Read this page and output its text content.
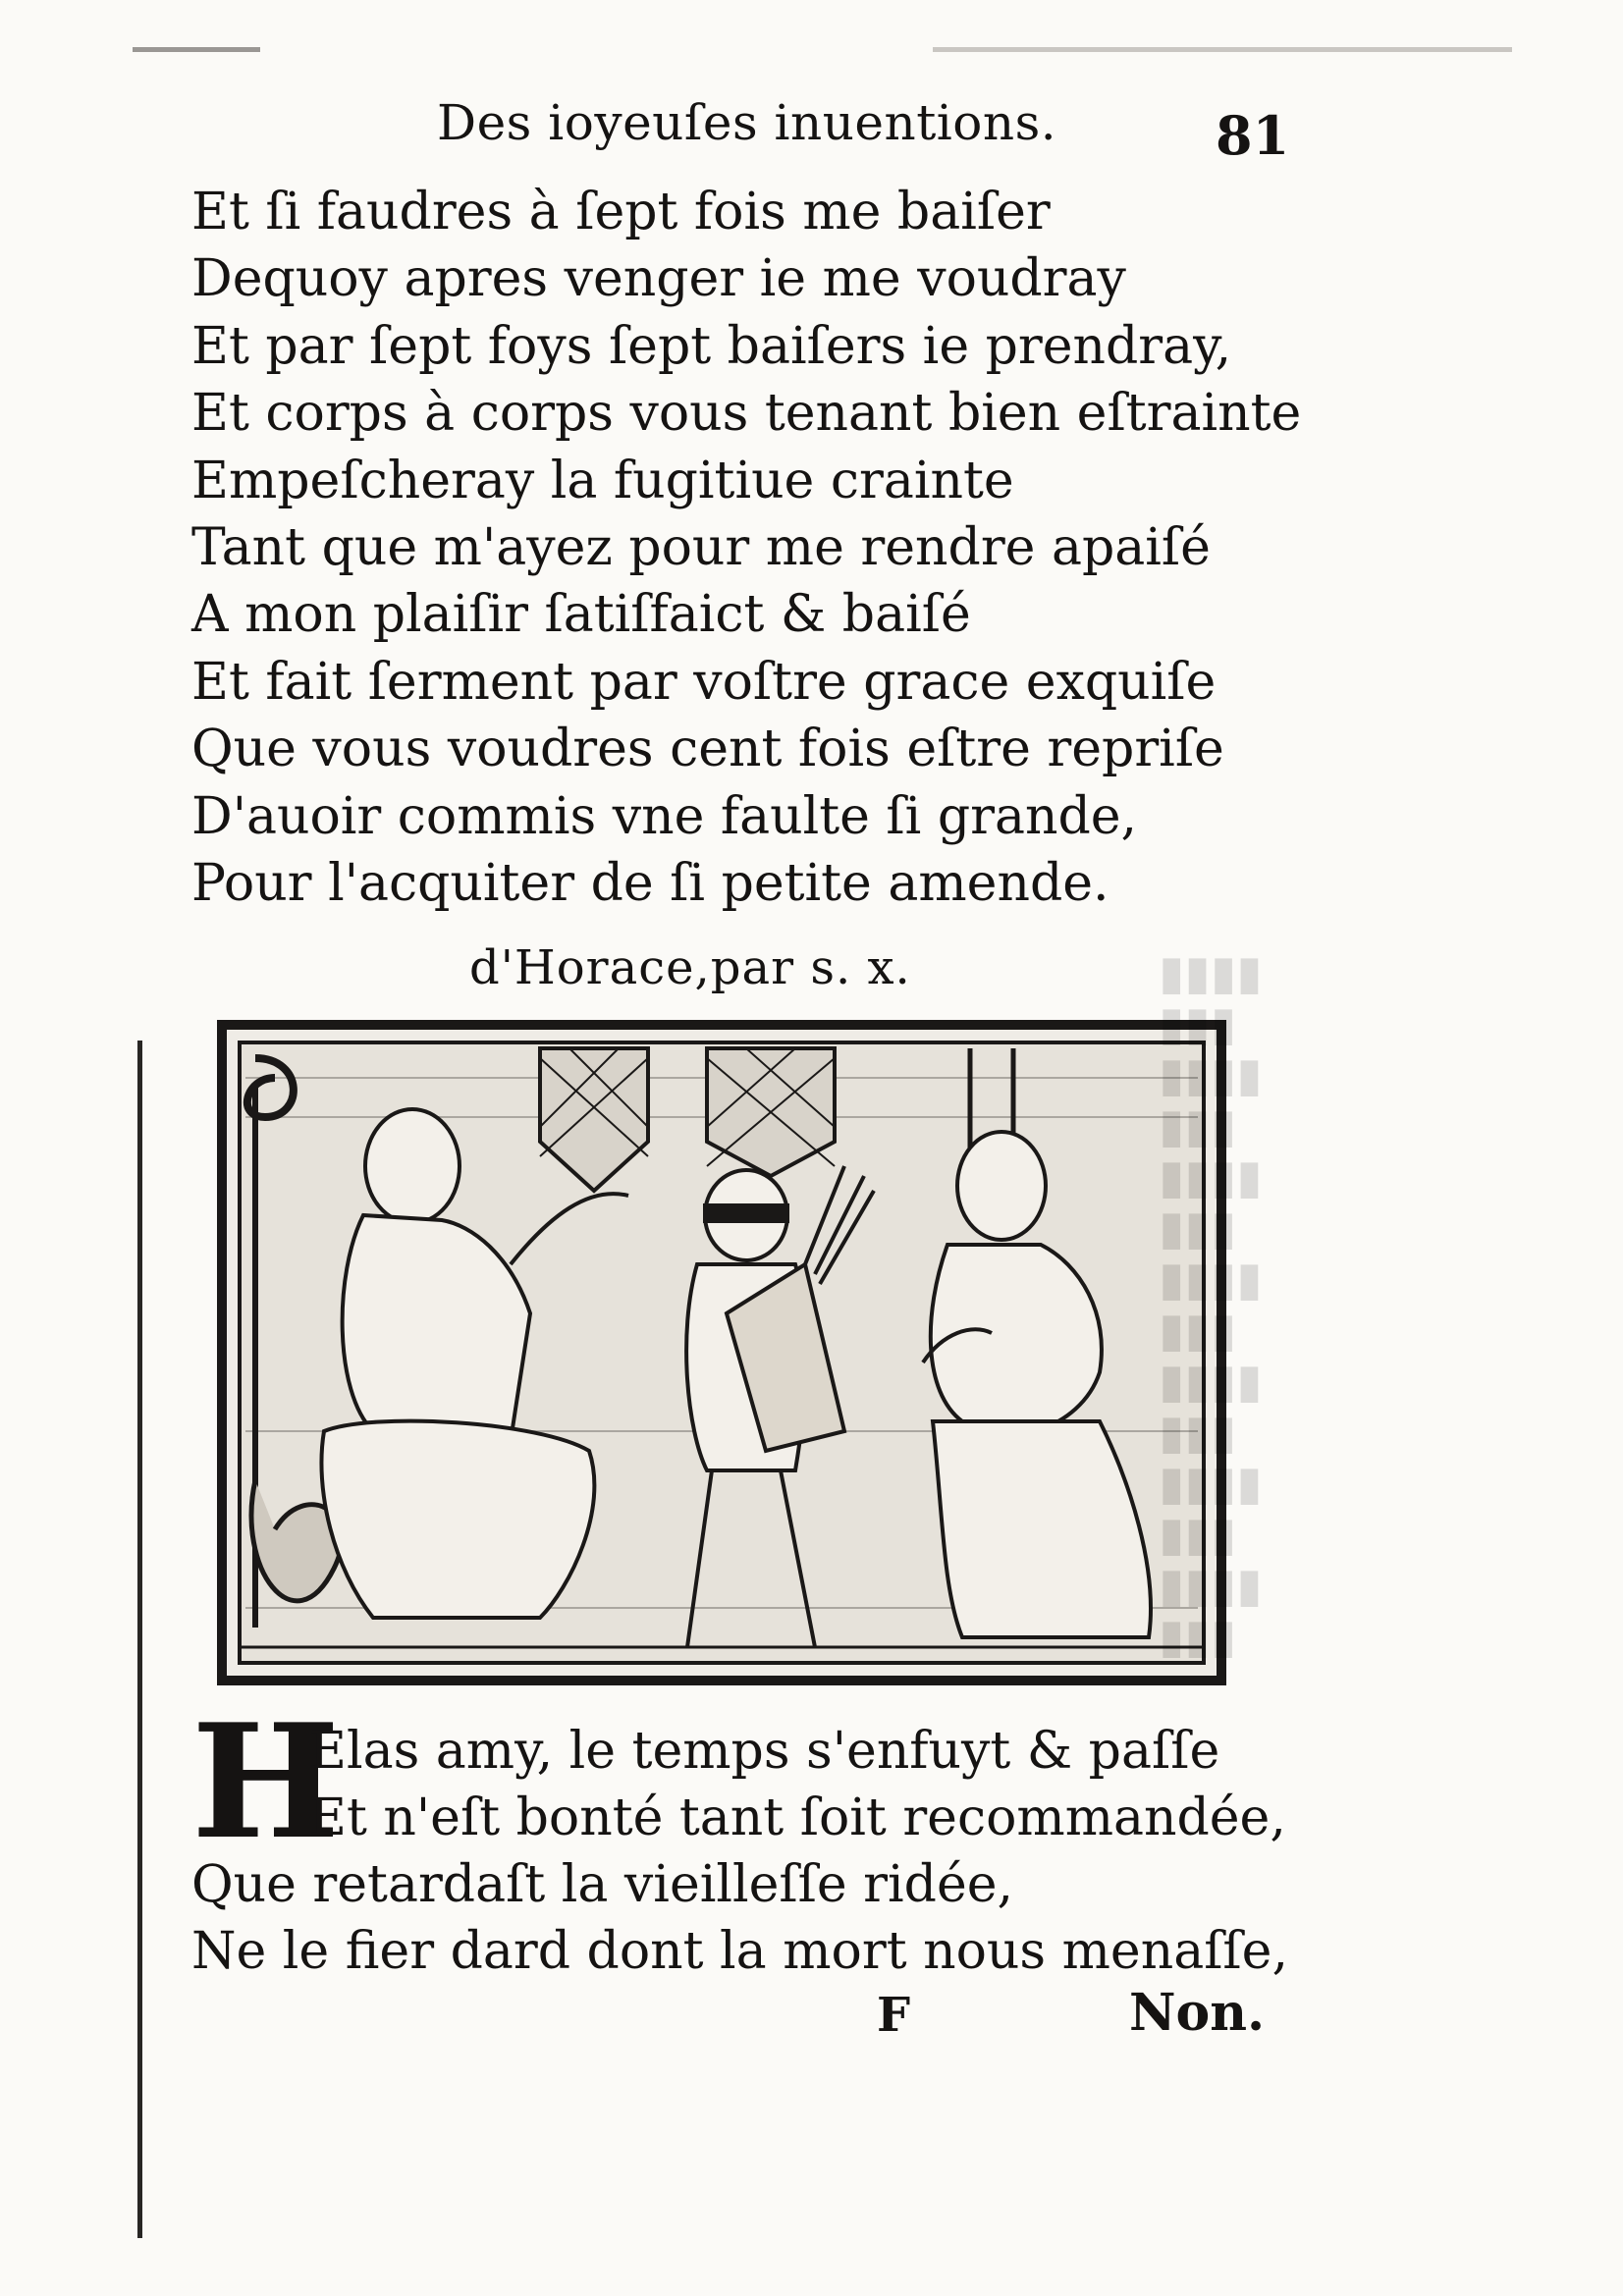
Des ioyeuſes inuentions.	81
Et ſi faudres à ſept fois me baiſer
Dequoy apres venger ie me voudray
Et par ſept foys ſept baiſers ie prendray,
Et corps à corps vous tenant bien eſtrainte
Empeſcheray la fugitiue crainte
Tant que m'ayez pour me rendre apaiſé
A mon plaiſir ſatiſfaict & baiſé
Et fait ſerment par voſtre grace exquiſe
Que vous voudres cent fois eſtre repriſe
D'auoir commis vne faulte ſi grande,
Pour l'acquiter de ſi petite amende.
d'Horace,par s. x.	▮▮▮▮
▮▮▮
▮▮▮▮
▮▮▮
▮▮▮▮
▮▮▮
▮▮▮▮
▮▮▮
▮▮▮▮
▮▮▮
▮▮▮▮
▮▮▮
▮▮▮▮
▮▮▮
H
Elas amy, le temps s'enfuyt & paſſe
Et n'eſt bonté tant ſoit recommandée,
Que retardaſt la vieilleſſe ridée,
Ne le fier dard dont la mort nous menaſſe,
F	Non.
